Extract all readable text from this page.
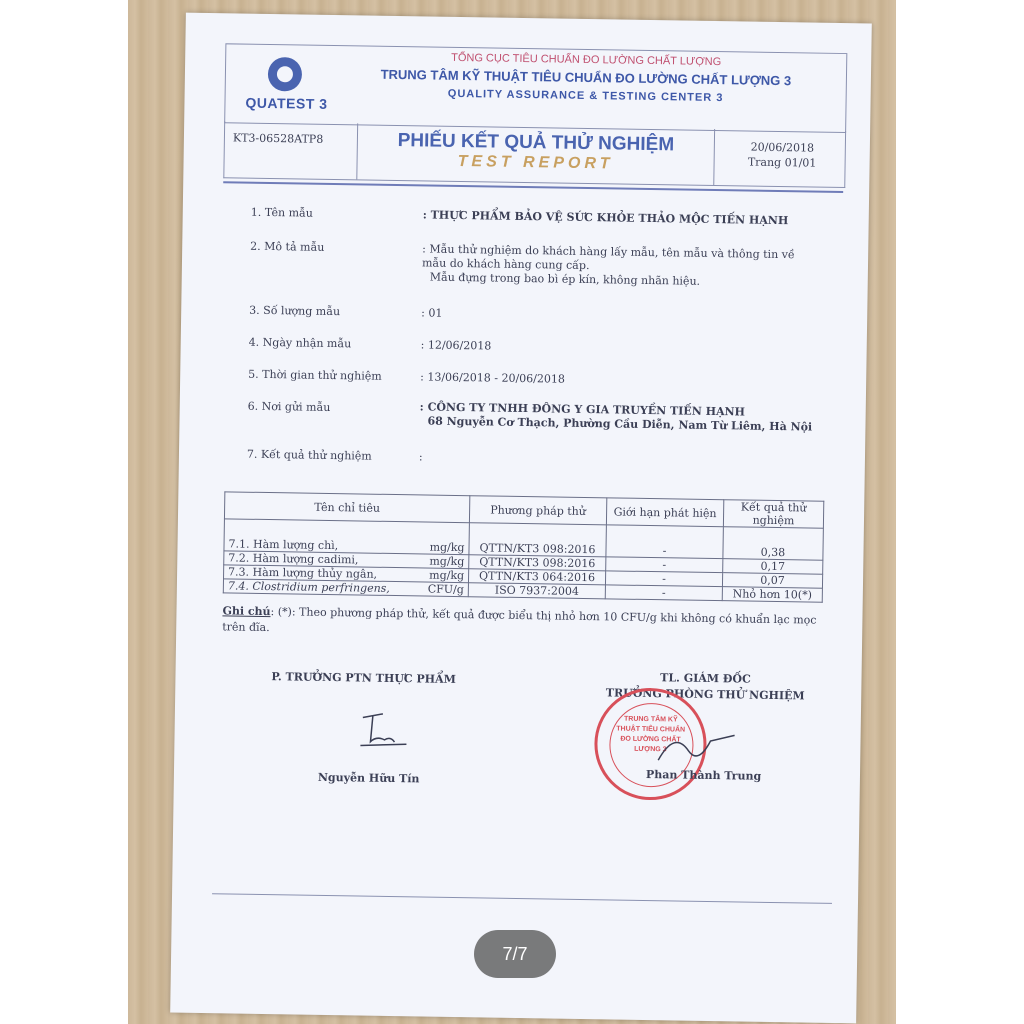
QUATEST 3
TỔNG CỤC TIÊU CHUẨN ĐO LƯỜNG CHẤT LƯỢNG
TRUNG TÂM KỸ THUẬT TIÊU CHUẨN ĐO LƯỜNG CHẤT LƯỢNG 3
QUALITY ASSURANCE & TESTING CENTER 3
KT3-06528ATP8	PHIẾU KẾT QUẢ THỬ NGHIỆM
TEST REPORT
20/06/2018
Trang 01/01
1. Tên mẫu	: THỰC PHẨM BẢO VỆ SỨC KHỎE THẢO MỘC TIẾN HẠNH
2. Mô tả mẫu	: Mẫu thử nghiệm do khách hàng lấy mẫu, tên mẫu và thông tin về mẫu do khách hàng cung cấp.
Mẫu đựng trong bao bì ép kín, không nhãn hiệu.
3. Số lượng mẫu	: 01
4. Ngày nhận mẫu	: 12/06/2018
5. Thời gian thử nghiệm	: 13/06/2018 - 20/06/2018
6. Nơi gửi mẫu	: CÔNG TY TNHH ĐÔNG Y GIA TRUYỀN TIẾN HẠNH
68 Nguyễn Cơ Thạch, Phường Cầu Diễn, Nam Từ Liêm, Hà Nội
7. Kết quả thử nghiệm	:
Tên chỉ tiêu	Phương pháp thử	Giới hạn phát hiện	Kết quả thử nghiệm
7.1. Hàm lượng chì, mg/kg	QTTN/KT3 098:2016	-	0,38
7.2. Hàm lượng cadimi, mg/kg	QTTN/KT3 098:2016	-	0,17
7.3. Hàm lượng thủy ngân, mg/kg	QTTN/KT3 064:2016	-	0,07
7.4. Clostridium perfringens, CFU/g	ISO 7937:2004	-	Nhỏ hơn 10(*)
Ghi chú: (*): Theo phương pháp thử, kết quả được biểu thị nhỏ hơn 10 CFU/g khi không có khuẩn lạc mọc trên đĩa.
P. TRƯỞNG PTN THỰC PHẨM
Nguyễn Hữu Tín
TL. GIÁM ĐỐC
TRƯỞNG PHÒNG THỬ NGHIỆM
TRUNG TÂM KỸ THUẬT TIÊU CHUẨN ĐO LƯỜNG CHẤT LƯỢNG 3
Phan Thành Trung
7/7
